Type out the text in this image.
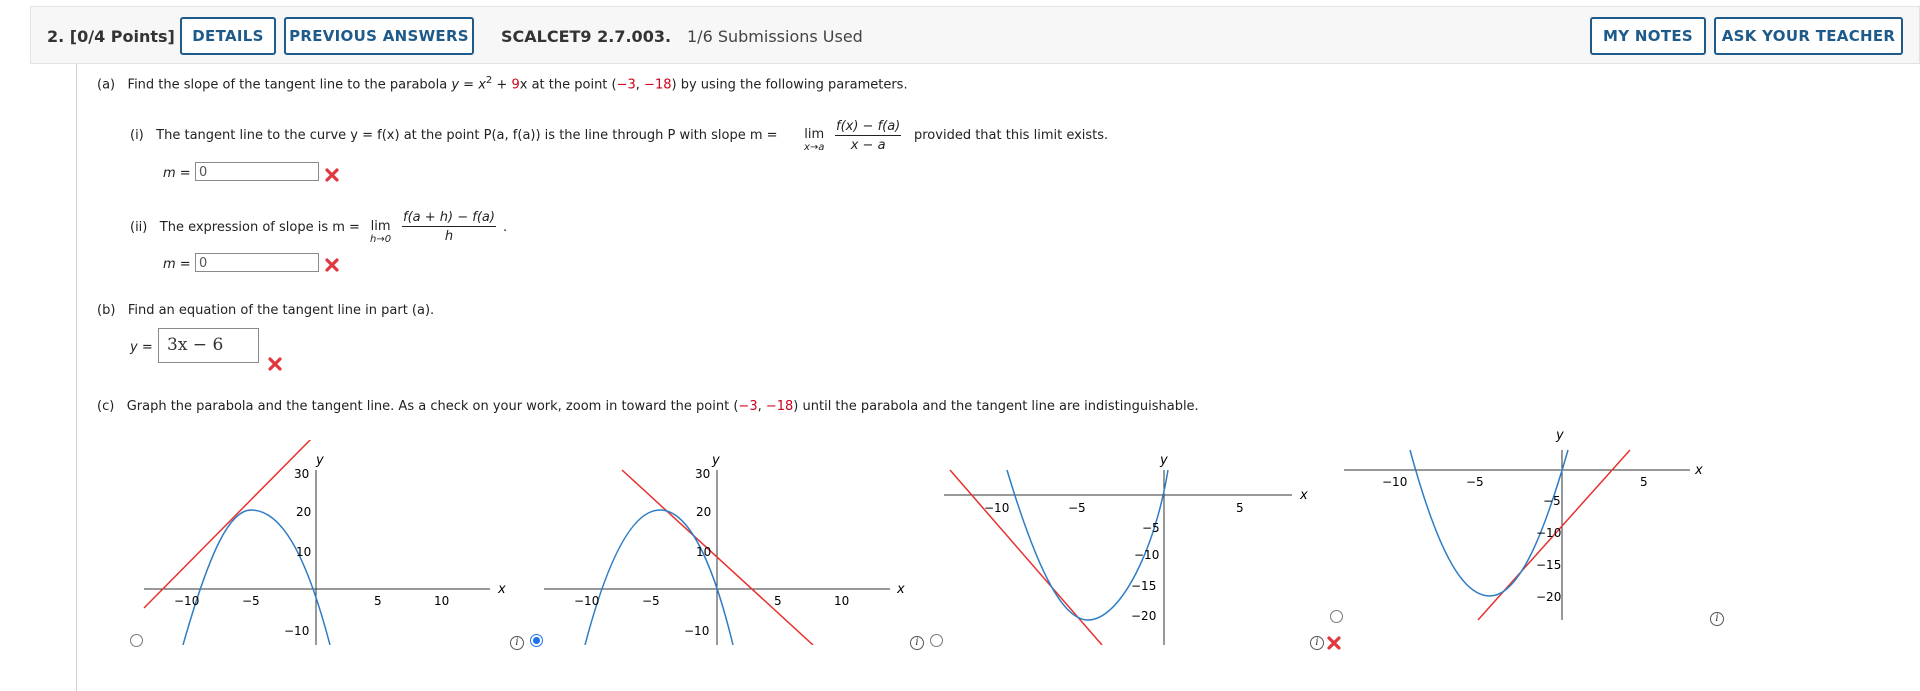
2. [0/4 Points]	DETAILS	PREVIOUS ANSWERS	SCALCET9 2.7.003. 1/6 Submissions Used	MY NOTES	ASK YOUR TEACHER
(a) Find the slope of the tangent line to the parabola $y = x^2 + 9x$ at the point (−3, −18) by using the following parameters.
(i) The tangent line to the curve y = f(x) at the point P(a, f(a)) is the line through P with slope m = lim
$x\to a \frac{f(x) - f(a)}{x - a}$ provided that this limit exists.
m = 0
(ii) The expression of slope is m = lim
$h\to 0 \frac{f(a + h) - f(a)}{h}$ .
m = 0
(b) Find an equation of the tangent line in part (a).
y = 3x − 6
(c) Graph the parabola and the tangent line. As a check on your work, zoom in toward the point (−3, −18) until the parabola and the tangent line are indistinguishable.
y
x
−10	−5	5	10
30
20
10
−10
i
y
x
−10	−5	5	10
30
20
10
−10
i
y
x
−10	−5	5
−5
−10
−15
−20
i
y
x
−10	−5	5
−5
−10
−15
−20
i
